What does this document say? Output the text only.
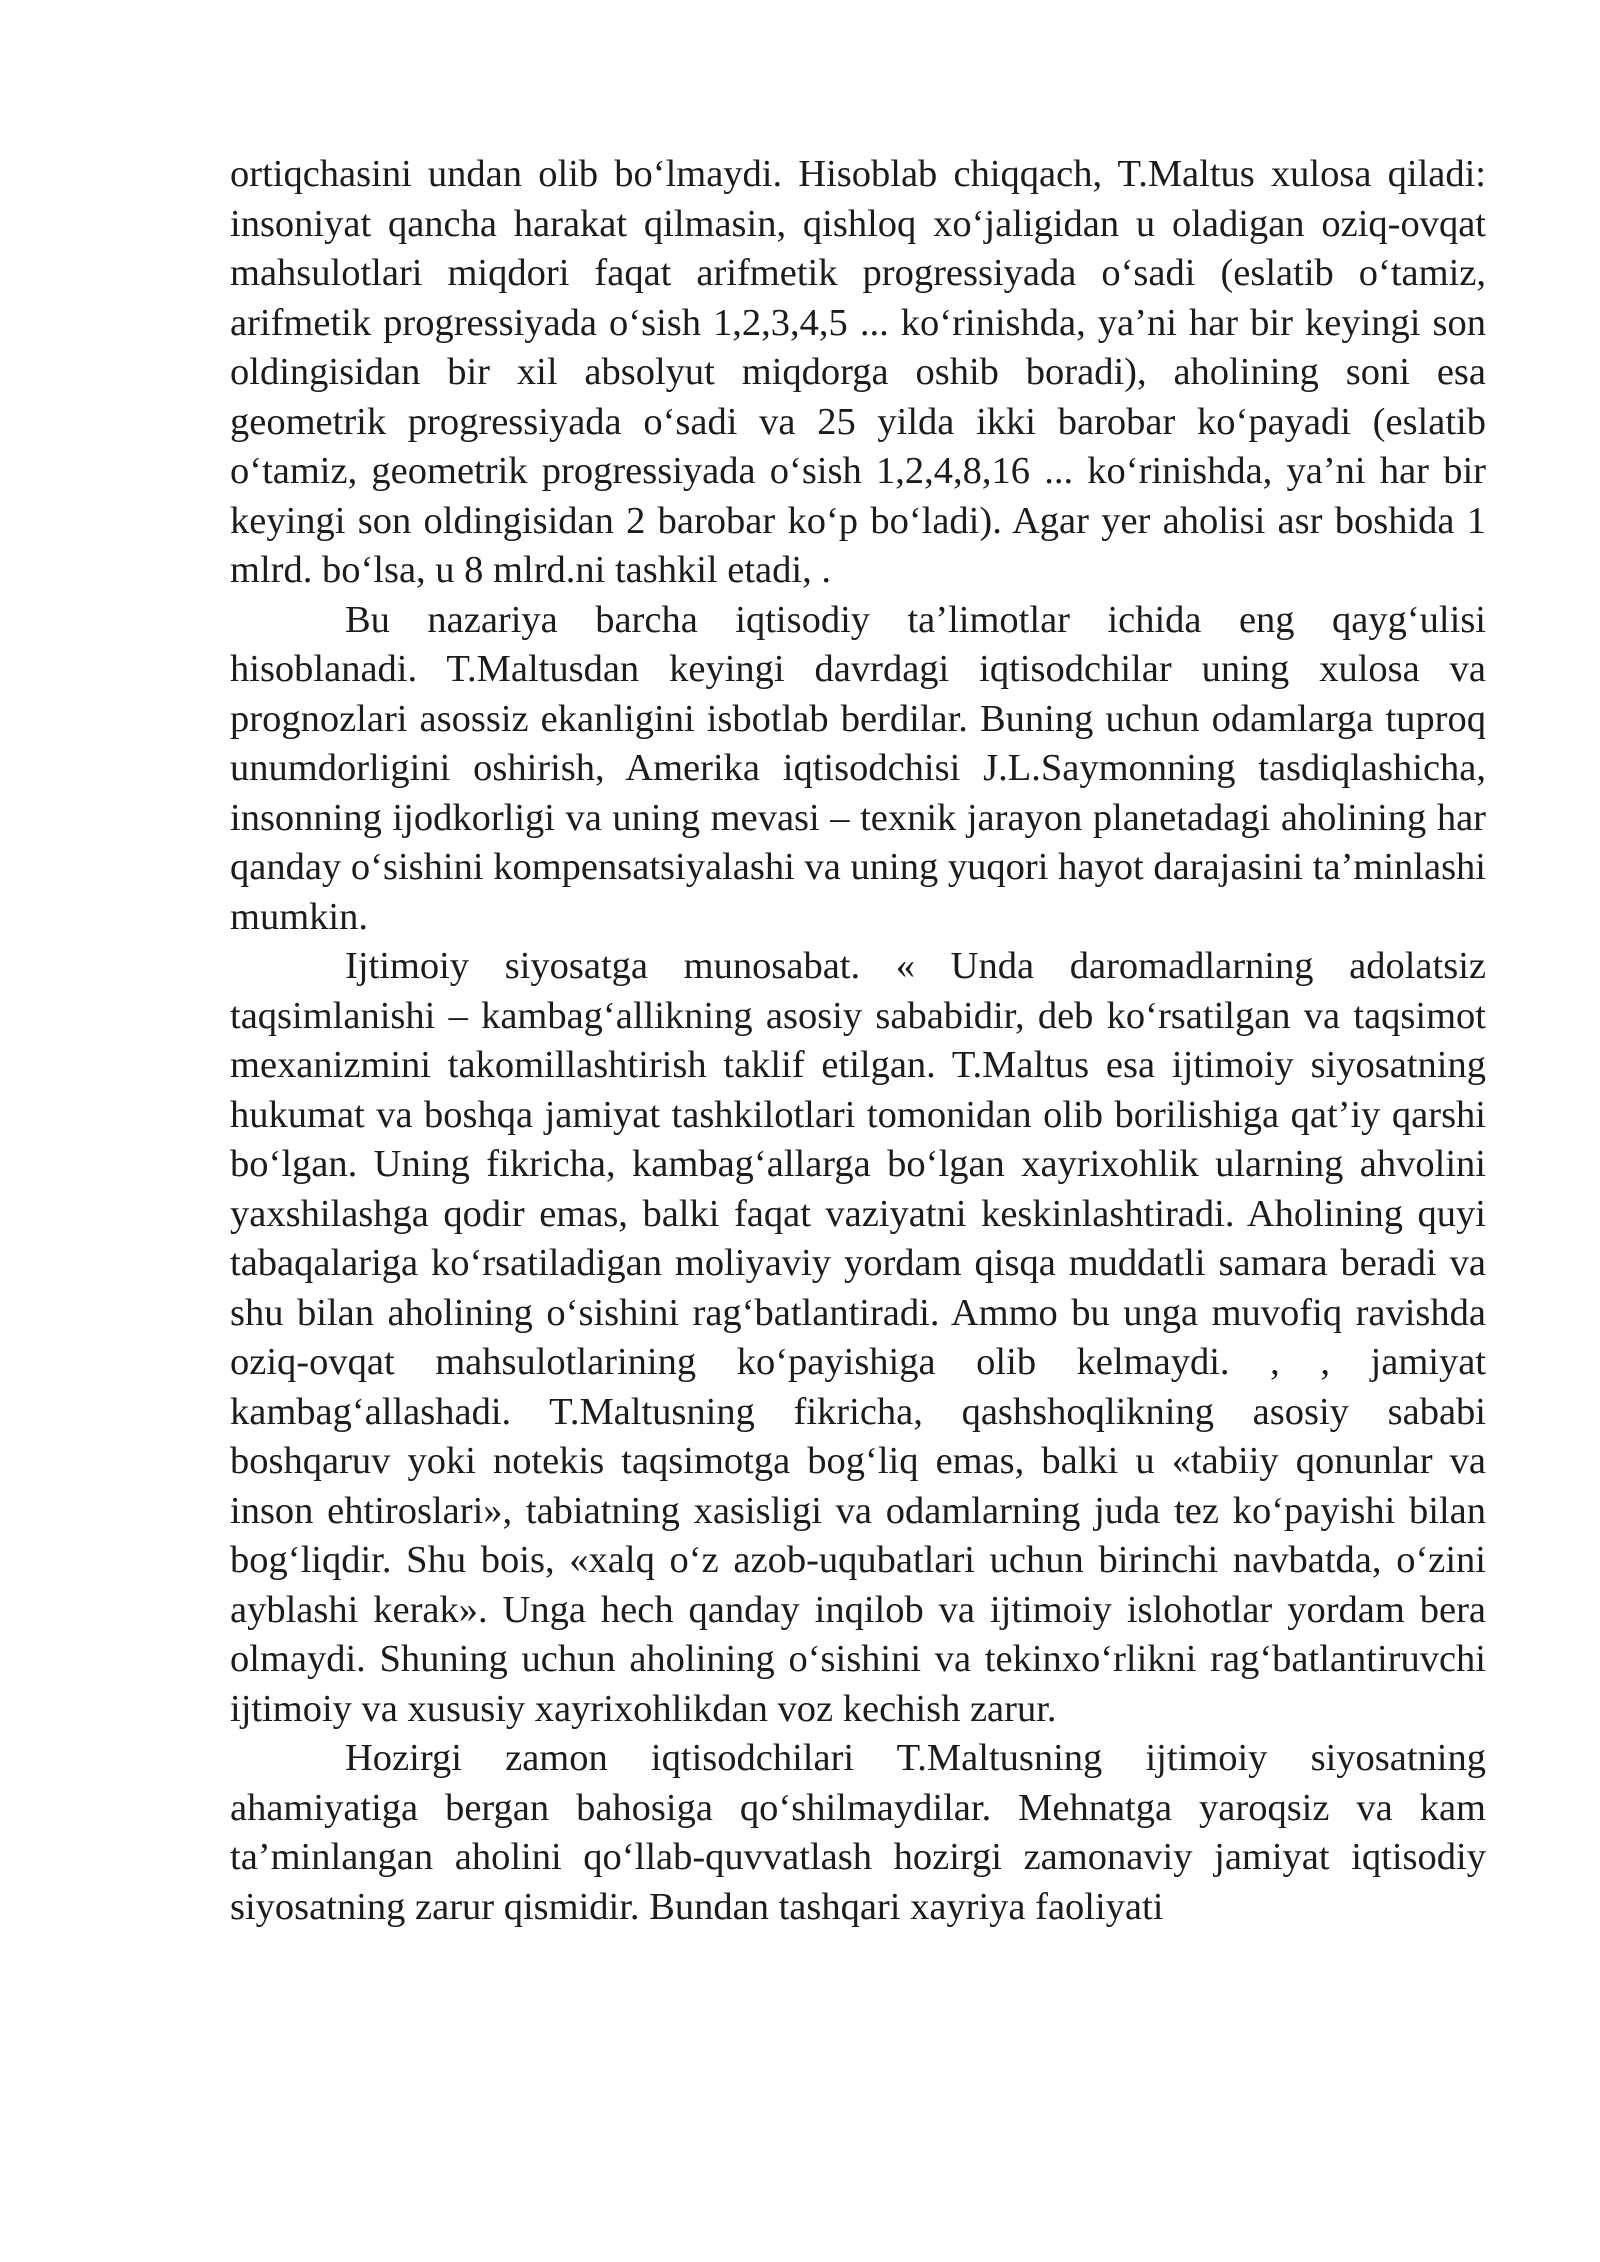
ortiqchasini undan olib bo‘lmaydi. Hisoblab chiqqach, T.Maltus xulosa qiladi: insoniyat qancha harakat qilmasin, qishloq xo‘jaligidan u oladigan oziq-ovqat mahsulotlari miqdori faqat arifmetik progressiyada o‘sadi (eslatib o‘tamiz, arifmetik progressiyada o‘sish 1,2,3,4,5 ... ko‘rinishda, ya’ni har bir keyingi son oldingisidan bir xil absolyut miqdorga oshib boradi), aholining soni esa geometrik progressiyada o‘sadi va 25 yilda ikki barobar ko‘payadi (eslatib o‘tamiz, geometrik progressiyada o‘sish 1,2,4,8,16 ... ko‘rinishda, ya’ni har bir keyingi son oldingisidan 2 barobar ko‘p bo‘ladi). Agar yer aholisi asr boshida 1 mlrd. bo‘lsa, u 8 mlrd.ni tashkil etadi, .

Bu nazariya barcha iqtisodiy ta’limotlar ichida eng qayg‘ulisi hisoblanadi. T.Maltusdan keyingi davrdagi iqtisodchilar uning xulosa va prognozlari asossiz ekanligini isbotlab berdilar. Buning uchun odamlarga tuproq unumdorligini oshirish, Amerika iqtisodchisi J.L.Saymonning tasdiqlashicha, insonning ijodkorligi va uning mevasi – texnik jarayon planetadagi aholining har qanday o‘sishini kompensatsiyalashi va uning yuqori hayot darajasini ta’minlashi mumkin.

Ijtimoiy siyosatga munosabat. « Unda daromadlarning adolatsiz taqsimlanishi – kambag‘allikning asosiy sababidir, deb ko‘rsatilgan va taqsimot mexanizmini takomillashtirish taklif etilgan. T.Maltus esa ijtimoiy siyosatning hukumat va boshqa jamiyat tashkilotlari tomonidan olib borilishiga qat’iy qarshi bo‘lgan. Uning fikricha, kambag‘allarga bo‘lgan xayrixohlik ularning ahvolini yaxshilashga qodir emas, balki faqat vaziyatni keskinlashtiradi. Aholining quyi tabaqalariga ko‘rsatiladigan moliyaviy yordam qisqa muddatli samara beradi va shu bilan aholining o‘sishini rag‘batlantiradi. Ammo bu unga muvofiq ravishda oziq-ovqat mahsulotlarining ko‘payishiga olib kelmaydi. , , jamiyat kambag‘allashadi. T.Maltusning fikricha, qashshoqlikning asosiy sababi boshqaruv yoki notekis taqsimotga bog‘liq emas, balki u «tabiiy qonunlar va inson ehtiroslari», tabiatning xasisligi va odamlarning juda tez ko‘payishi bilan bog‘liqdir. Shu bois, «xalq o‘z azob-uqubatlari uchun birinchi navbatda, o‘zini ayblashi kerak». Unga hech qanday inqilob va ijtimoiy islohotlar yordam bera olmaydi. Shuning uchun aholining o‘sishini va tekinxo‘rlikni rag‘batlantiruvchi ijtimoiy va xususiy xayrixohlikdan voz kechish zarur.

Hozirgi zamon iqtisodchilari T.Maltusning ijtimoiy siyosatning ahamiyatiga bergan bahosiga qo‘shilmaydilar. Mehnatga yaroqsiz va kam ta’minlangan aholini qo‘llab-quvvatlash hozirgi zamonaviy jamiyat iqtisodiy siyosatning zarur qismidir. Bundan tashqari xayriya faoliyati
